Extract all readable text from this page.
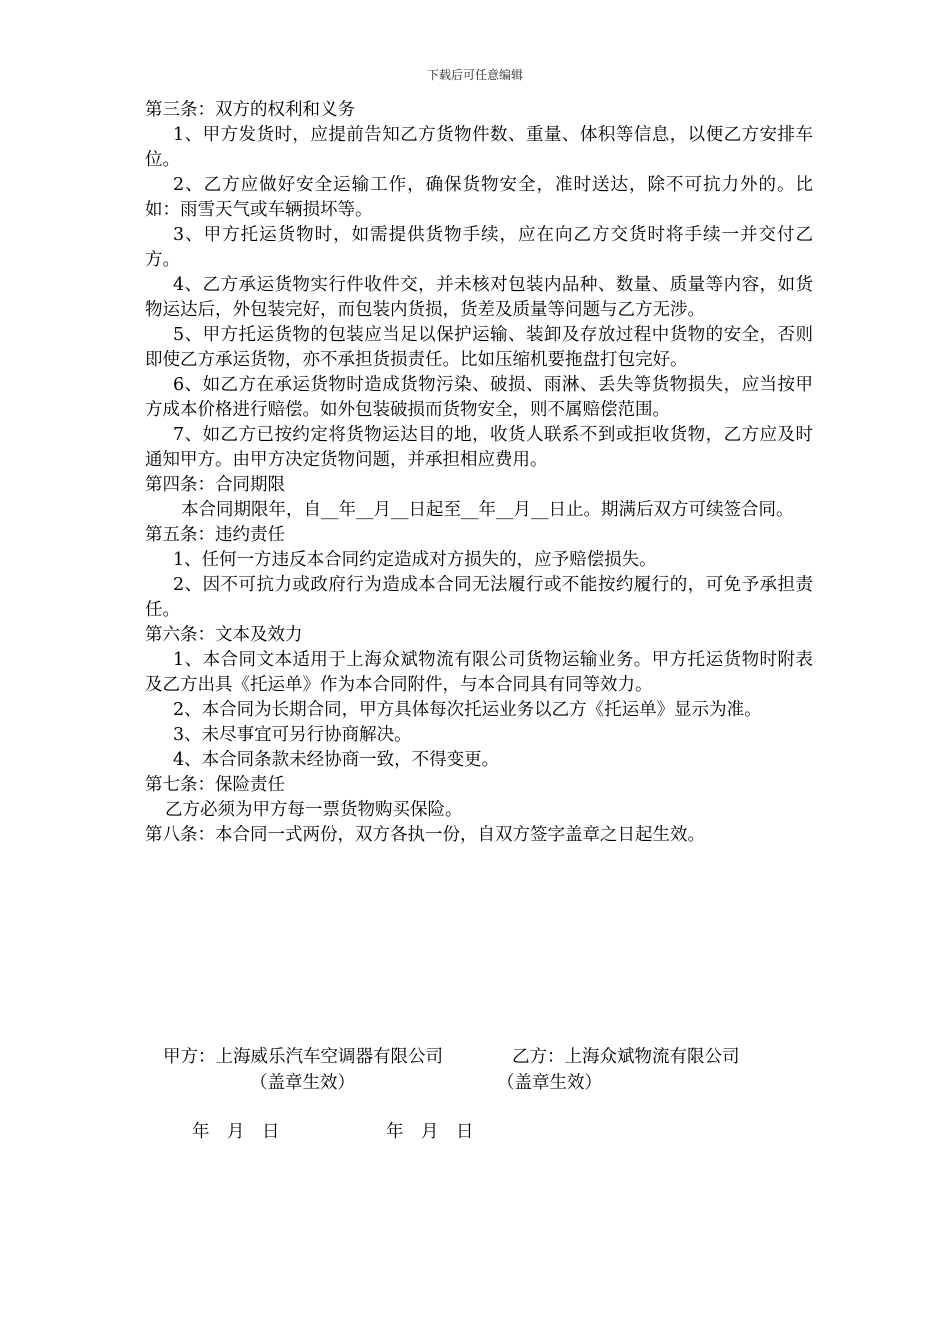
下载后可任意编辑

第三条：双方的权利和义务

1、甲方发货时，应提前告知乙方货物件数、重量、体积等信息，以便乙方安排车位。

2、乙方应做好安全运输工作，确保货物安全，准时送达，除不可抗力外的。比如：雨雪天气或车辆损坏等。

3、甲方托运货物时，如需提供货物手续，应在向乙方交货时将手续一并交付乙方。

4、乙方承运货物实行件收件交，并未核对包装内品种、数量、质量等内容，如货物运达后，外包装完好，而包装内货损，货差及质量等问题与乙方无涉。

5、甲方托运货物的包装应当足以保护运输、装卸及存放过程中货物的安全，否则即使乙方承运货物，亦不承担货损责任。比如压缩机要拖盘打包完好。

6、如乙方在承运货物时造成货物污染、破损、雨淋、丢失等货物损失，应当按甲方成本价格进行赔偿。如外包装破损而货物安全，则不属赔偿范围。

7、如乙方已按约定将货物运达目的地，收货人联系不到或拒收货物，乙方应及时通知甲方。由甲方决定货物问题，并承担相应费用。

第四条：合同期限

本合同期限年，自__年__月__日起至__年__月__日止。期满后双方可续签合同。

第五条：违约责任

1、任何一方违反本合同约定造成对方损失的，应予赔偿损失。

2、因不可抗力或政府行为造成本合同无法履行或不能按约履行的，可免予承担责任。

第六条：文本及效力

1、本合同文本适用于上海众斌物流有限公司货物运输业务。甲方托运货物时附表及乙方出具《托运单》作为本合同附件，与本合同具有同等效力。

2、本合同为长期合同，甲方具体每次托运业务以乙方《托运单》显示为准。

3、未尽事宜可另行协商解决。

4、本合同条款未经协商一致，不得变更。

第七条：保险责任

乙方必须为甲方每一票货物购买保险。

第八条：本合同一式两份，双方各执一份，自双方签字盖章之日起生效。

甲方：上海威乐汽车空调器有限公司
（盖章生效）
年　月　日
乙方：上海众斌物流有限公司
（盖章生效）
年　月　日
